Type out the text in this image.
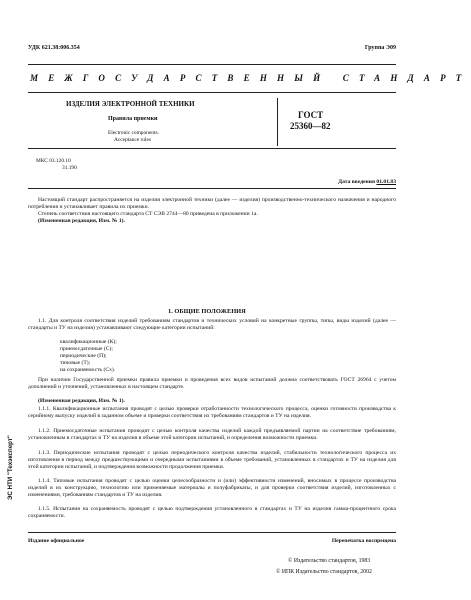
УДК 621.38:006.354	Группа Э09
МЕЖГОСУДАРСТВЕННЫЙ СТАНДАРТ
ИЗДЕЛИЯ ЭЛЕКТРОННОЙ ТЕХНИКИ
Правила приемки
Electronic components.
Acceptance rules
ГОСТ
25360—82
МКС 03.120.10
31.190
Дата введения 01.01.83
Настоящий стандарт распространяется на изделия электронной техники (далее — изделия) производственно-технического назначения и народного потребления и устанавливает правила их приемки.
Степень соответствия настоящего стандарта СТ СЭВ 2744—80 приведена в приложении 1а.
(Измененная редакция, Изм. № 1).
1. ОБЩИЕ ПОЛОЖЕНИЯ
1.1. Для контроля соответствия изделий требованиям стандартов и технических условий на конкретные группы, типы, виды изделий (далее — стандарты и ТУ на изделия) устанавливают следующие категории испытаний:
квалификационные (К);
приемосдаточные (С);
периодические (П);
типовые (Т);
на сохраняемость (Cх).
При наличии Государственной приемки правила приемки и проведения всех видов испытаний должна соответствовать ГОСТ 26964 с учетом дополнений и уточнений, установленных в настоящем стандарте.
(Измененная редакция, Изм. № 1).
1.1.1. Квалификационные испытания проводят с целью проверки отработанности технологического процесса, оценки готовности производства к серийному выпуску изделий в заданном объеме и проверки соответствия их требованиям стандартов и ТУ на изделия.
1.1.2. Приемосдаточные испытания проводят с целью контроля качества изделий каждой предъявляемой партии на соответствие требованиям, установленным в стандартах и ТУ на изделия в объеме этой категории испытаний, и определения возможности приемки.
1.1.3. Периодические испытания проводят с целью периодического контроля качества изделий, стабильности технологического процесса их изготовления в период между предшествующими и очередными испытаниями в объеме требований, установленных в стандартах и ТУ на изделия для этой категории испытаний, и подтверждения возможности продолжения приемки.
1.1.4. Типовые испытания проводят с целью оценки целесообразности и (или) эффективности изменений, вносимых в процессе производства изделий в их конструкцию, технологию или применяемые материалы и полуфабрикаты, и для проверки соответствия изделий, изготовленных с изменениями, требованиям стандартов и ТУ на изделия.
1.1.5. Испытания на сохраняемость проводят с целью подтверждения установленного в стандартах и ТУ на изделия гамма-процентного срока сохраняемости.
Издание официальное	Перепечатка воспрещена
© Издательство стандартов, 1983
© ИПК Издательство стандартов, 2002
ЭС НТИ "Техэксперт"
